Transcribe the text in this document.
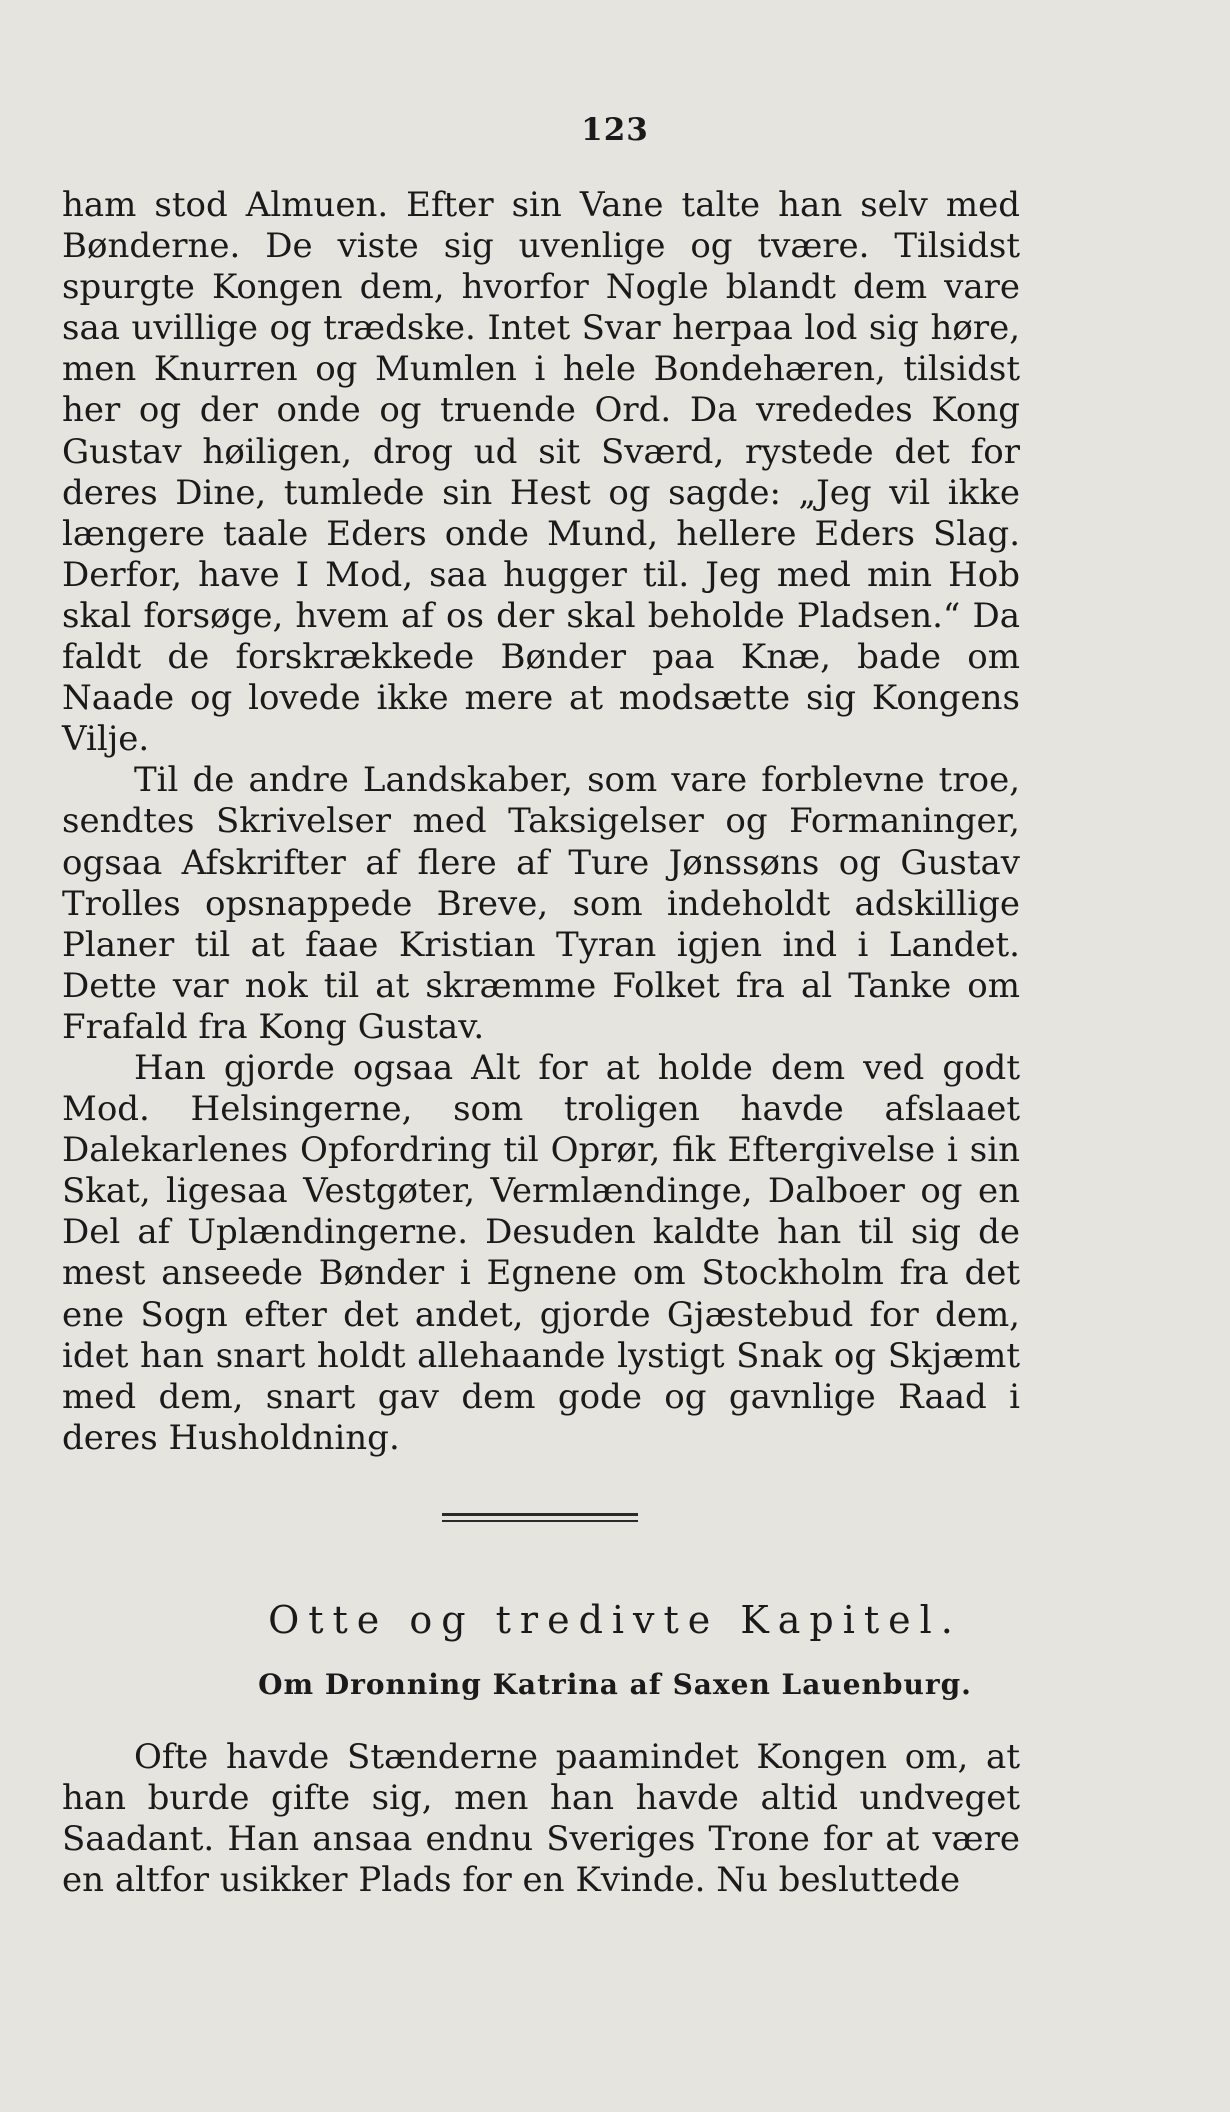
123

ham stod Almuen. Efter sin Vane talte han selv med Bønderne. De viste sig uvenlige og tvære. Tilsidst spurgte Kongen dem, hvorfor Nogle blandt dem vare saa uvillige og trædske. Intet Svar herpaa lod sig høre, men Knurren og Mumlen i hele Bondehæren, tilsidst her og der onde og truende Ord. Da vrededes Kong Gustav høiligen, drog ud sit Sværd, rystede det for deres Dine, tumlede sin Hest og sagde: „Jeg vil ikke længere taale Eders onde Mund, hellere Eders Slag. Derfor, have I Mod, saa hugger til. Jeg med min Hob skal forsøge, hvem af os der skal beholde Pladsen.“ Da faldt de forskrækkede Bønder paa Knæ, bade om Naade og lovede ikke mere at modsætte sig Kongens Vilje.

Til de andre Landskaber, som vare forblevne troe, sendtes Skrivelser med Taksigelser og Formaninger, ogsaa Afskrifter af flere af Ture Jønssøns og Gustav Trolles opsnappede Breve, som indeholdt adskillige Planer til at faae Kristian Tyran igjen ind i Landet. Dette var nok til at skræmme Folket fra al Tanke om Frafald fra Kong Gustav.

Han gjorde ogsaa Alt for at holde dem ved godt Mod. Helsingerne, som troligen havde afslaaet Dalekarlenes Opfordring til Oprør, fik Eftergivelse i sin Skat, ligesaa Vestgøter, Vermlændinge, Dalboer og en Del af Uplændingerne. Desuden kaldte han til sig de mest anseede Bønder i Egnene om Stockholm fra det ene Sogn efter det andet, gjorde Gjæstebud for dem, idet han snart holdt allehaande lystigt Snak og Skjæmt med dem, snart gav dem gode og gavnlige Raad i deres Husholdning.

Otte og tredivte Kapitel.
Om Dronning Katrina af Saxen Lauenburg.

Ofte havde Stænderne paamindet Kongen om, at han burde gifte sig, men han havde altid undveget Saadant. Han ansaa endnu Sveriges Trone for at være en altfor usikker Plads for en Kvinde. Nu besluttede
